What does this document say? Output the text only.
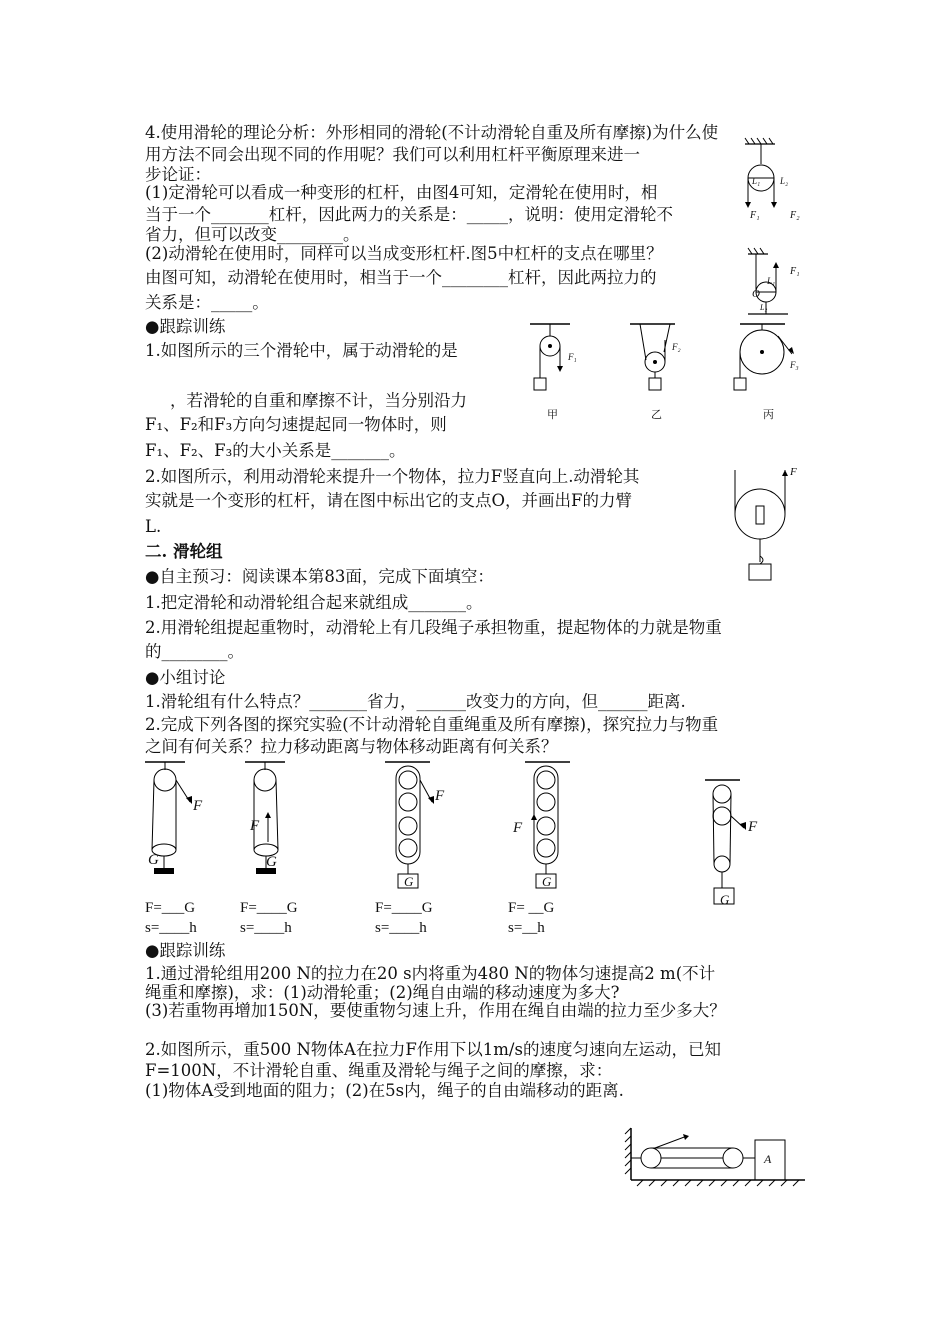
4.使用滑轮的理论分析：外形相同的滑轮(不计动滑轮自重及所有摩擦)为什么使
用方法不同会出现不同的作用呢？我们可以利用杠杆平衡原理来进一
步论证：
(1)定滑轮可以看成一种变形的杠杆，由图4可知，定滑轮在使用时，相
当于一个_______杠杆，因此两力的关系是：_____，说明：使用定滑轮不
省力，但可以改变________。
(2)动滑轮在使用时，同样可以当成变形杠杆.图5中杠杆的支点在哪里？
由图可知，动滑轮在使用时，相当于一个________杠杆，因此两拉力的
关系是：_____。
L₁ L₂
F₁	F₂
L₁
F₁
O
L₂
●跟踪训练
1.如图所示的三个滑轮中，属于动滑轮的是
，若滑轮的自重和摩擦不计，当分别沿力
F₁、F₂和F₃方向匀速提起同一物体时，则
F₁、F₂、F₃的大小关系是_______。
F₁
F₂
F₃
甲	乙	丙
2.如图所示，利用动滑轮来提升一个物体，拉力F竖直向上.动滑轮其
实就是一个变形的杠杆，请在图中标出它的支点O，并画出F的力臂
L.
F
二. 滑轮组
●自主预习：阅读课本第83面，完成下面填空：
1.把定滑轮和动滑轮组合起来就组成_______。
2.用滑轮组提起重物时，动滑轮上有几段绳子承担物重，提起物体的力就是物重
的________。
●小组讨论
1.滑轮组有什么特点？_______省力，______改变力的方向，但______距离.
2.完成下列各图的探究实验(不计动滑轮自重绳重及所有摩擦)，探究拉力与物重
之间有何关系？拉力移动距离与物体移动距离有何关系？
F
G
F
G
F
G
F
G
F
G
F=___G
s=____h
F=____G
s=____h
F=____G
s=____h
F= __G
s=__h
●跟踪训练
1.通过滑轮组用200 N的拉力在20 s内将重为480 N的物体匀速提高2 m(不计
绳重和摩擦)，求：(1)动滑轮重；(2)绳自由端的移动速度为多大?
(3)若重物再增加150N，要使重物匀速上升，作用在绳自由端的拉力至少多大？
2.如图所示，重500 N物体A在拉力F作用下以1m/s的速度匀速向左运动，已知
F=100N，不计滑轮自重、绳重及滑轮与绳子之间的摩擦，求：
(1)物体A受到地面的阻力；(2)在5s内，绳子的自由端移动的距离.
A
